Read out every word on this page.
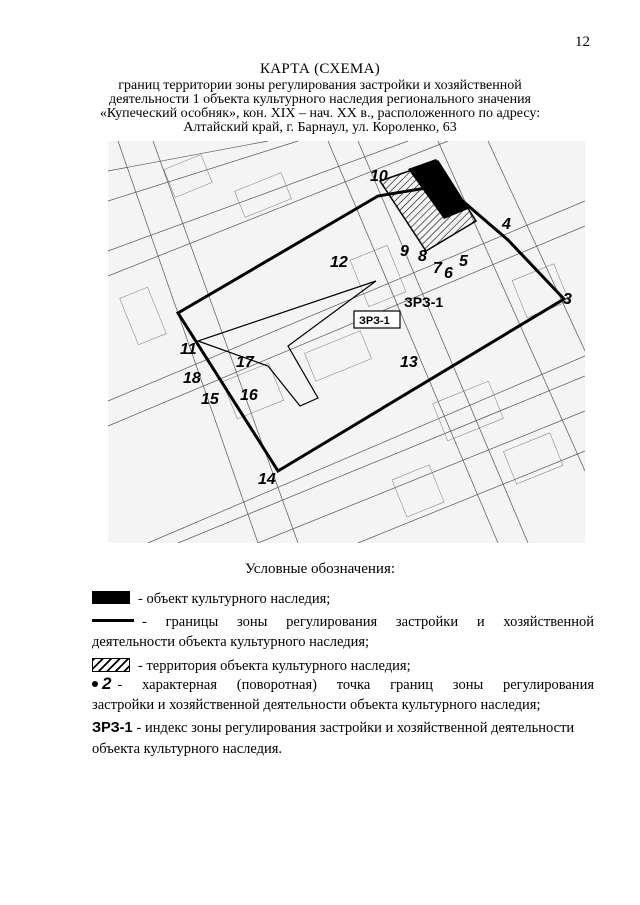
12
КАРТА (СХЕМА)
границ территории зоны регулирования застройки и хозяйственной
деятельности 1 объекта культурного наследия регионального значения
«Купеческий особняк», кон. XIX – нач. XX в., расположенного по адресу:
Алтайский край, г. Барнаул, ул. Короленко, 63
ЗРЗ-1
ЗРЗ-1	3
4
5
6
7
8
9
10
11
12
13
14
15 16
17
18
Условные обозначения:
- объект культурного наследия;
- границы зоны регулирования застройки и хозяйственной
деятельности объекта культурного наследия;
- территория объекта культурного наследия;
2 - характерная (поворотная) точка границ зоны регулирования
застройки и хозяйственной деятельности объекта культурного наследия;
ЗРЗ-1 - индекс зоны регулирования застройки и хозяйственной деятельности
объекта культурного наследия.
